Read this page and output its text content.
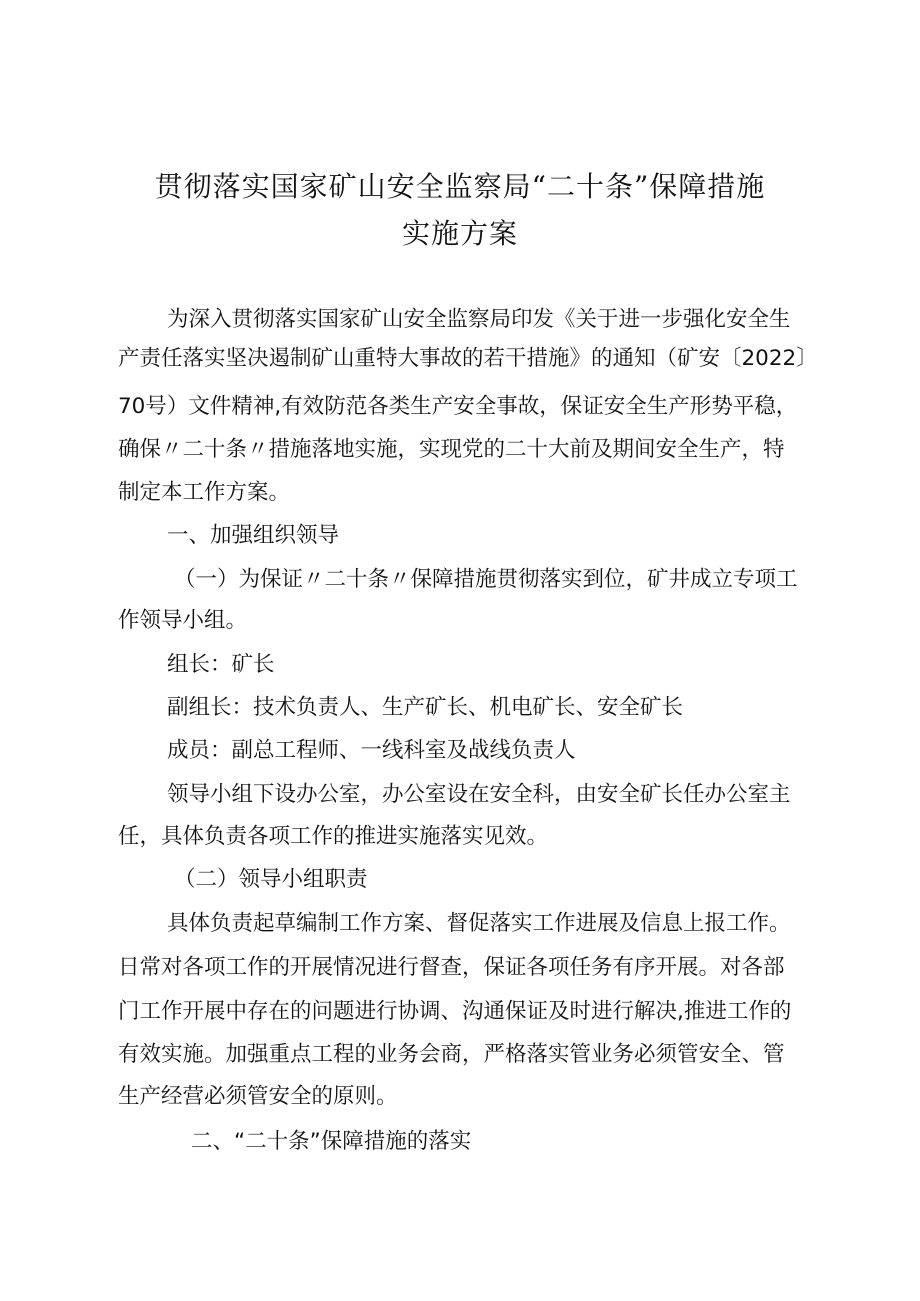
贯彻落实国家矿山安全监察局“二十条”保障措施
实施方案
为深入贯彻落实国家矿山安全监察局印发《关于进一步强化安全生
产责任落实坚决遏制矿山重特大事故的若干措施》的通知（矿安〔2022〕
70号）文件精神,有效防范各类生产安全事故，保证安全生产形势平稳，
确保〃二十条〃措施落地实施，实现党的二十大前及期间安全生产，特
制定本工作方案。
一、加强组织领导
（一）为保证〃二十条〃保障措施贯彻落实到位，矿井成立专项工
作领导小组。
组长：矿长
副组长：技术负责人、生产矿长、机电矿长、安全矿长
成员：副总工程师、一线科室及战线负责人
领导小组下设办公室，办公室设在安全科，由安全矿长任办公室主
任，具体负责各项工作的推进实施落实见效。
（二）领导小组职责
具体负责起草编制工作方案、督促落实工作进展及信息上报工作。
日常对各项工作的开展情况进行督查，保证各项任务有序开展。对各部
门工作开展中存在的问题进行协调、沟通保证及时进行解决,推进工作的
有效实施。加强重点工程的业务会商，严格落实管业务必须管安全、管
生产经营必须管安全的原则。
二、“二十条”保障措施的落实
